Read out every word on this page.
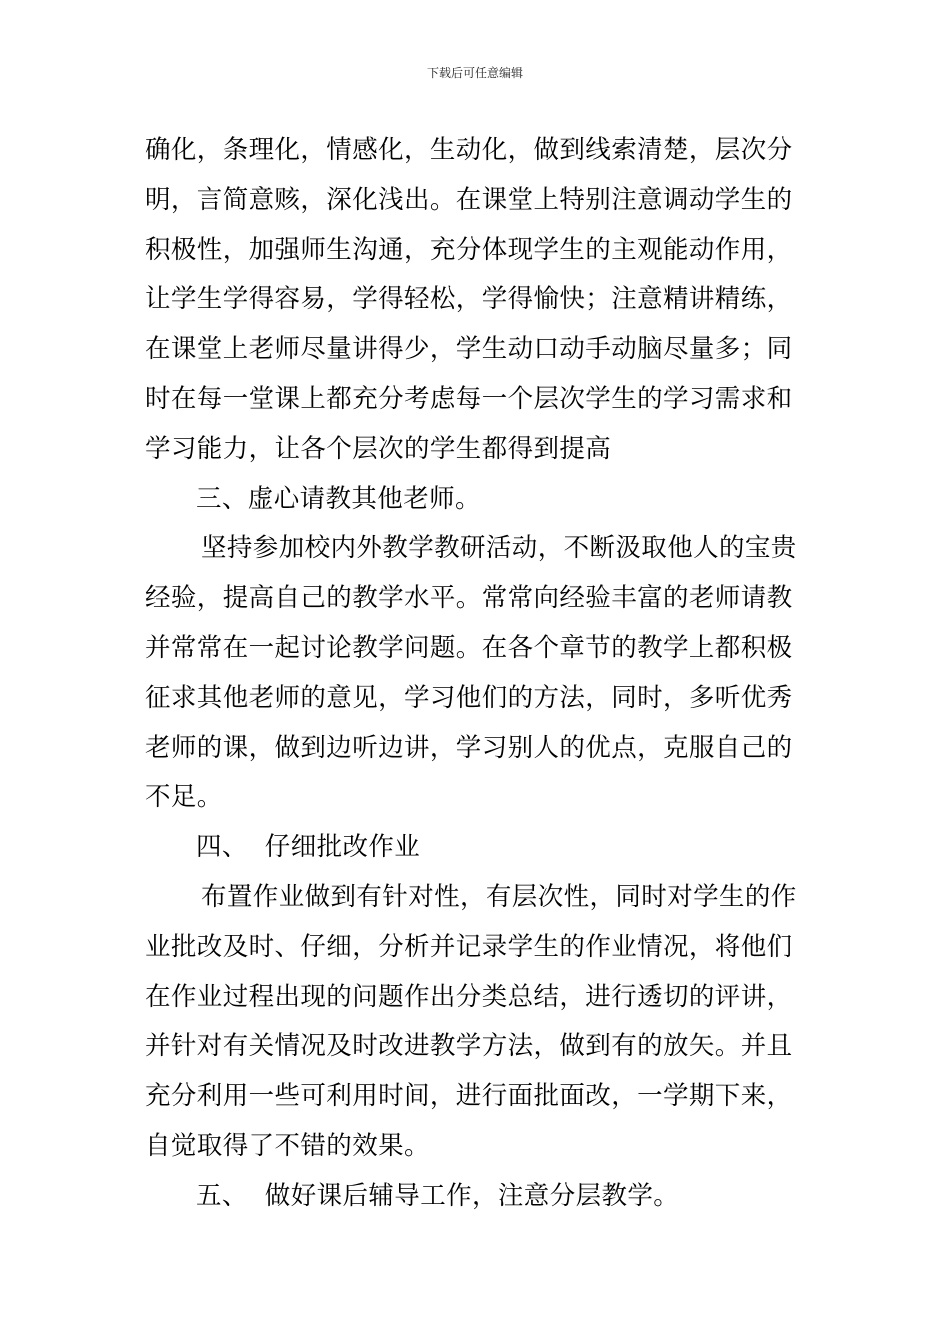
下载后可任意编辑
确化，条理化，情感化，生动化，做到线索清楚，层次分
明，言简意赅，深化浅出。在课堂上特别注意调动学生的
积极性，加强师生沟通，充分体现学生的主观能动作用，
让学生学得容易，学得轻松，学得愉快；注意精讲精练，
在课堂上老师尽量讲得少，学生动口动手动脑尽量多；同
时在每一堂课上都充分考虑每一个层次学生的学习需求和
学习能力，让各个层次的学生都得到提高
三、虚心请教其他老师。
坚持参加校内外教学教研活动，不断汲取他人的宝贵
经验，提高自己的教学水平。常常向经验丰富的老师请教
并常常在一起讨论教学问题。在各个章节的教学上都积极
征求其他老师的意见，学习他们的方法，同时，多听优秀
老师的课，做到边听边讲，学习别人的优点，克服自己的
不足。
四、  仔细批改作业
布置作业做到有针对性，有层次性，同时对学生的作
业批改及时、仔细，分析并记录学生的作业情况，将他们
在作业过程出现的问题作出分类总结，进行透切的评讲，
并针对有关情况及时改进教学方法，做到有的放矢。并且
充分利用一些可利用时间，进行面批面改，一学期下来，
自觉取得了不错的效果。
五、  做好课后辅导工作，注意分层教学。
